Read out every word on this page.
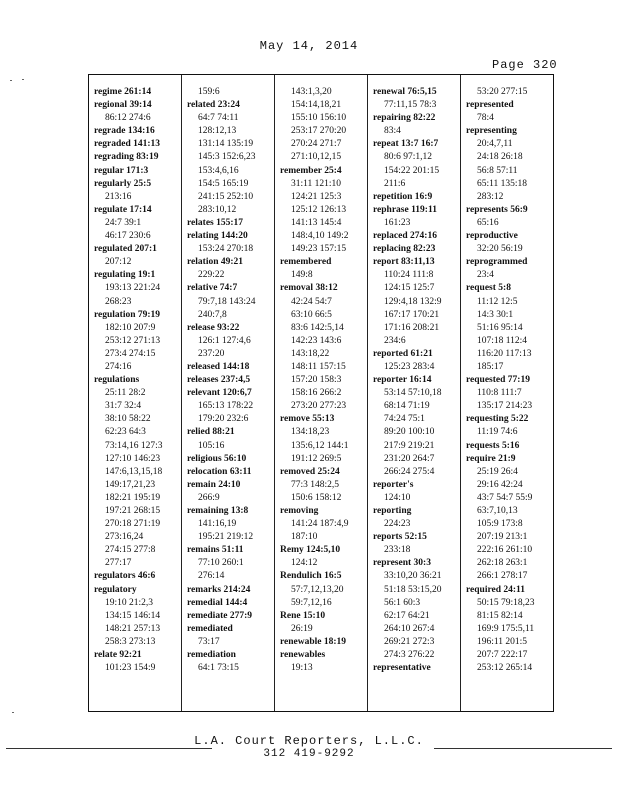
May 14, 2014
Page 320
regime 261:14
regional 39:14
86:12 274:6
regrade 134:16
regraded 141:13
regrading 83:19
regular 171:3
regularly 25:5
213:16
regulate 17:14
24:7 39:1
46:17 230:6
regulated 207:1
207:12
regulating 19:1
193:13 221:24
268:23
regulation 79:19
182:10 207:9
253:12 271:13
273:4 274:15
274:16
regulations
25:11 28:2
31:7 32:4
38:10 58:22
62:23 64:3
73:14,16 127:3
127:10 146:23
147:6,13,15,18
149:17,21,23
182:21 195:19
197:21 268:15
270:18 271:19
273:16,24
274:15 277:8
277:17
regulators 46:6
regulatory
19:10 21:2,3
134:15 146:14
148:21 257:13
258:3 273:13
relate 92:21
101:23 154:9
159:6
related 23:24
64:7 74:11
128:12,13
131:14 135:19
145:3 152:6,23
153:4,6,16
154:5 165:19
241:15 252:10
283:10,12
relates 155:17
relating 144:20
153:24 270:18
relation 49:21
229:22
relative 74:7
79:7,18 143:24
240:7,8
release 93:22
126:1 127:4,6
237:20
released 144:18
releases 237:4,5
relevant 120:6,7
165:13 178:22
179:20 232:6
relied 88:21
105:16
religious 56:10
relocation 63:11
remain 24:10
266:9
remaining 13:8
141:16,19
195:21 219:12
remains 51:11
77:10 260:1
276:14
remarks 214:24
remedial 144:4
remediate 277:9
remediated
73:17
remediation
64:1 73:15
143:1,3,20
154:14,18,21
155:10 156:10
253:17 270:20
270:24 271:7
271:10,12,15
remember 25:4
31:11 121:10
124:21 125:3
125:12 126:13
141:13 145:4
148:4,10 149:2
149:23 157:15
remembered
149:8
removal 38:12
42:24 54:7
63:10 66:5
83:6 142:5,14
142:23 143:6
143:18,22
148:11 157:15
157:20 158:3
158:16 266:2
273:20 277:23
remove 55:13
134:18,23
135:6,12 144:1
191:12 269:5
removed 25:24
77:3 148:2,5
150:6 158:12
removing
141:24 187:4,9
187:10
Remy 124:5,10
124:12
Rendulich 16:5
57:7,12,13,20
59:7,12,16
Rene 15:10
26:19
renewable 18:19
renewables
19:13
renewal 76:5,15
77:11,15 78:3
repairing 82:22
83:4
repeat 13:7 16:7
80:6 97:1,12
154:22 201:15
211:6
repetition 16:9
rephrase 119:11
161:23
replaced 274:16
replacing 82:23
report 83:11,13
110:24 111:8
124:15 125:7
129:4,18 132:9
167:17 170:21
171:16 208:21
234:6
reported 61:21
125:23 283:4
reporter 16:14
53:14 57:10,18
68:14 71:19
74:24 75:1
89:20 100:10
217:9 219:21
231:20 264:7
266:24 275:4
reporter's
124:10
reporting
224:23
reports 52:15
233:18
represent 30:3
33:10,20 36:21
51:18 53:15,20
56:1 60:3
62:17 64:21
264:10 267:4
269:21 272:3
274:3 276:22
representative
53:20 277:15
represented
78:4
representing
20:4,7,11
24:18 26:18
56:8 57:11
65:11 135:18
283:12
represents 56:9
65:16
reproductive
32:20 56:19
reprogrammed
23:4
request 5:8
11:12 12:5
14:3 30:1
51:16 95:14
107:18 112:4
116:20 117:13
185:17
requested 77:19
110:8 111:7
135:17 214:23
requesting 5:22
11:19 74:6
requests 5:16
require 21:9
25:19 26:4
29:16 42:24
43:7 54:7 55:9
63:7,10,13
105:9 173:8
207:19 213:1
222:16 261:10
262:18 263:1
266:1 278:17
required 24:11
50:15 79:18,23
81:15 82:14
169:9 175:5,11
196:11 201:5
207:7 222:17
253:12 265:14
L.A. Court Reporters, L.L.C.
312 419-9292
